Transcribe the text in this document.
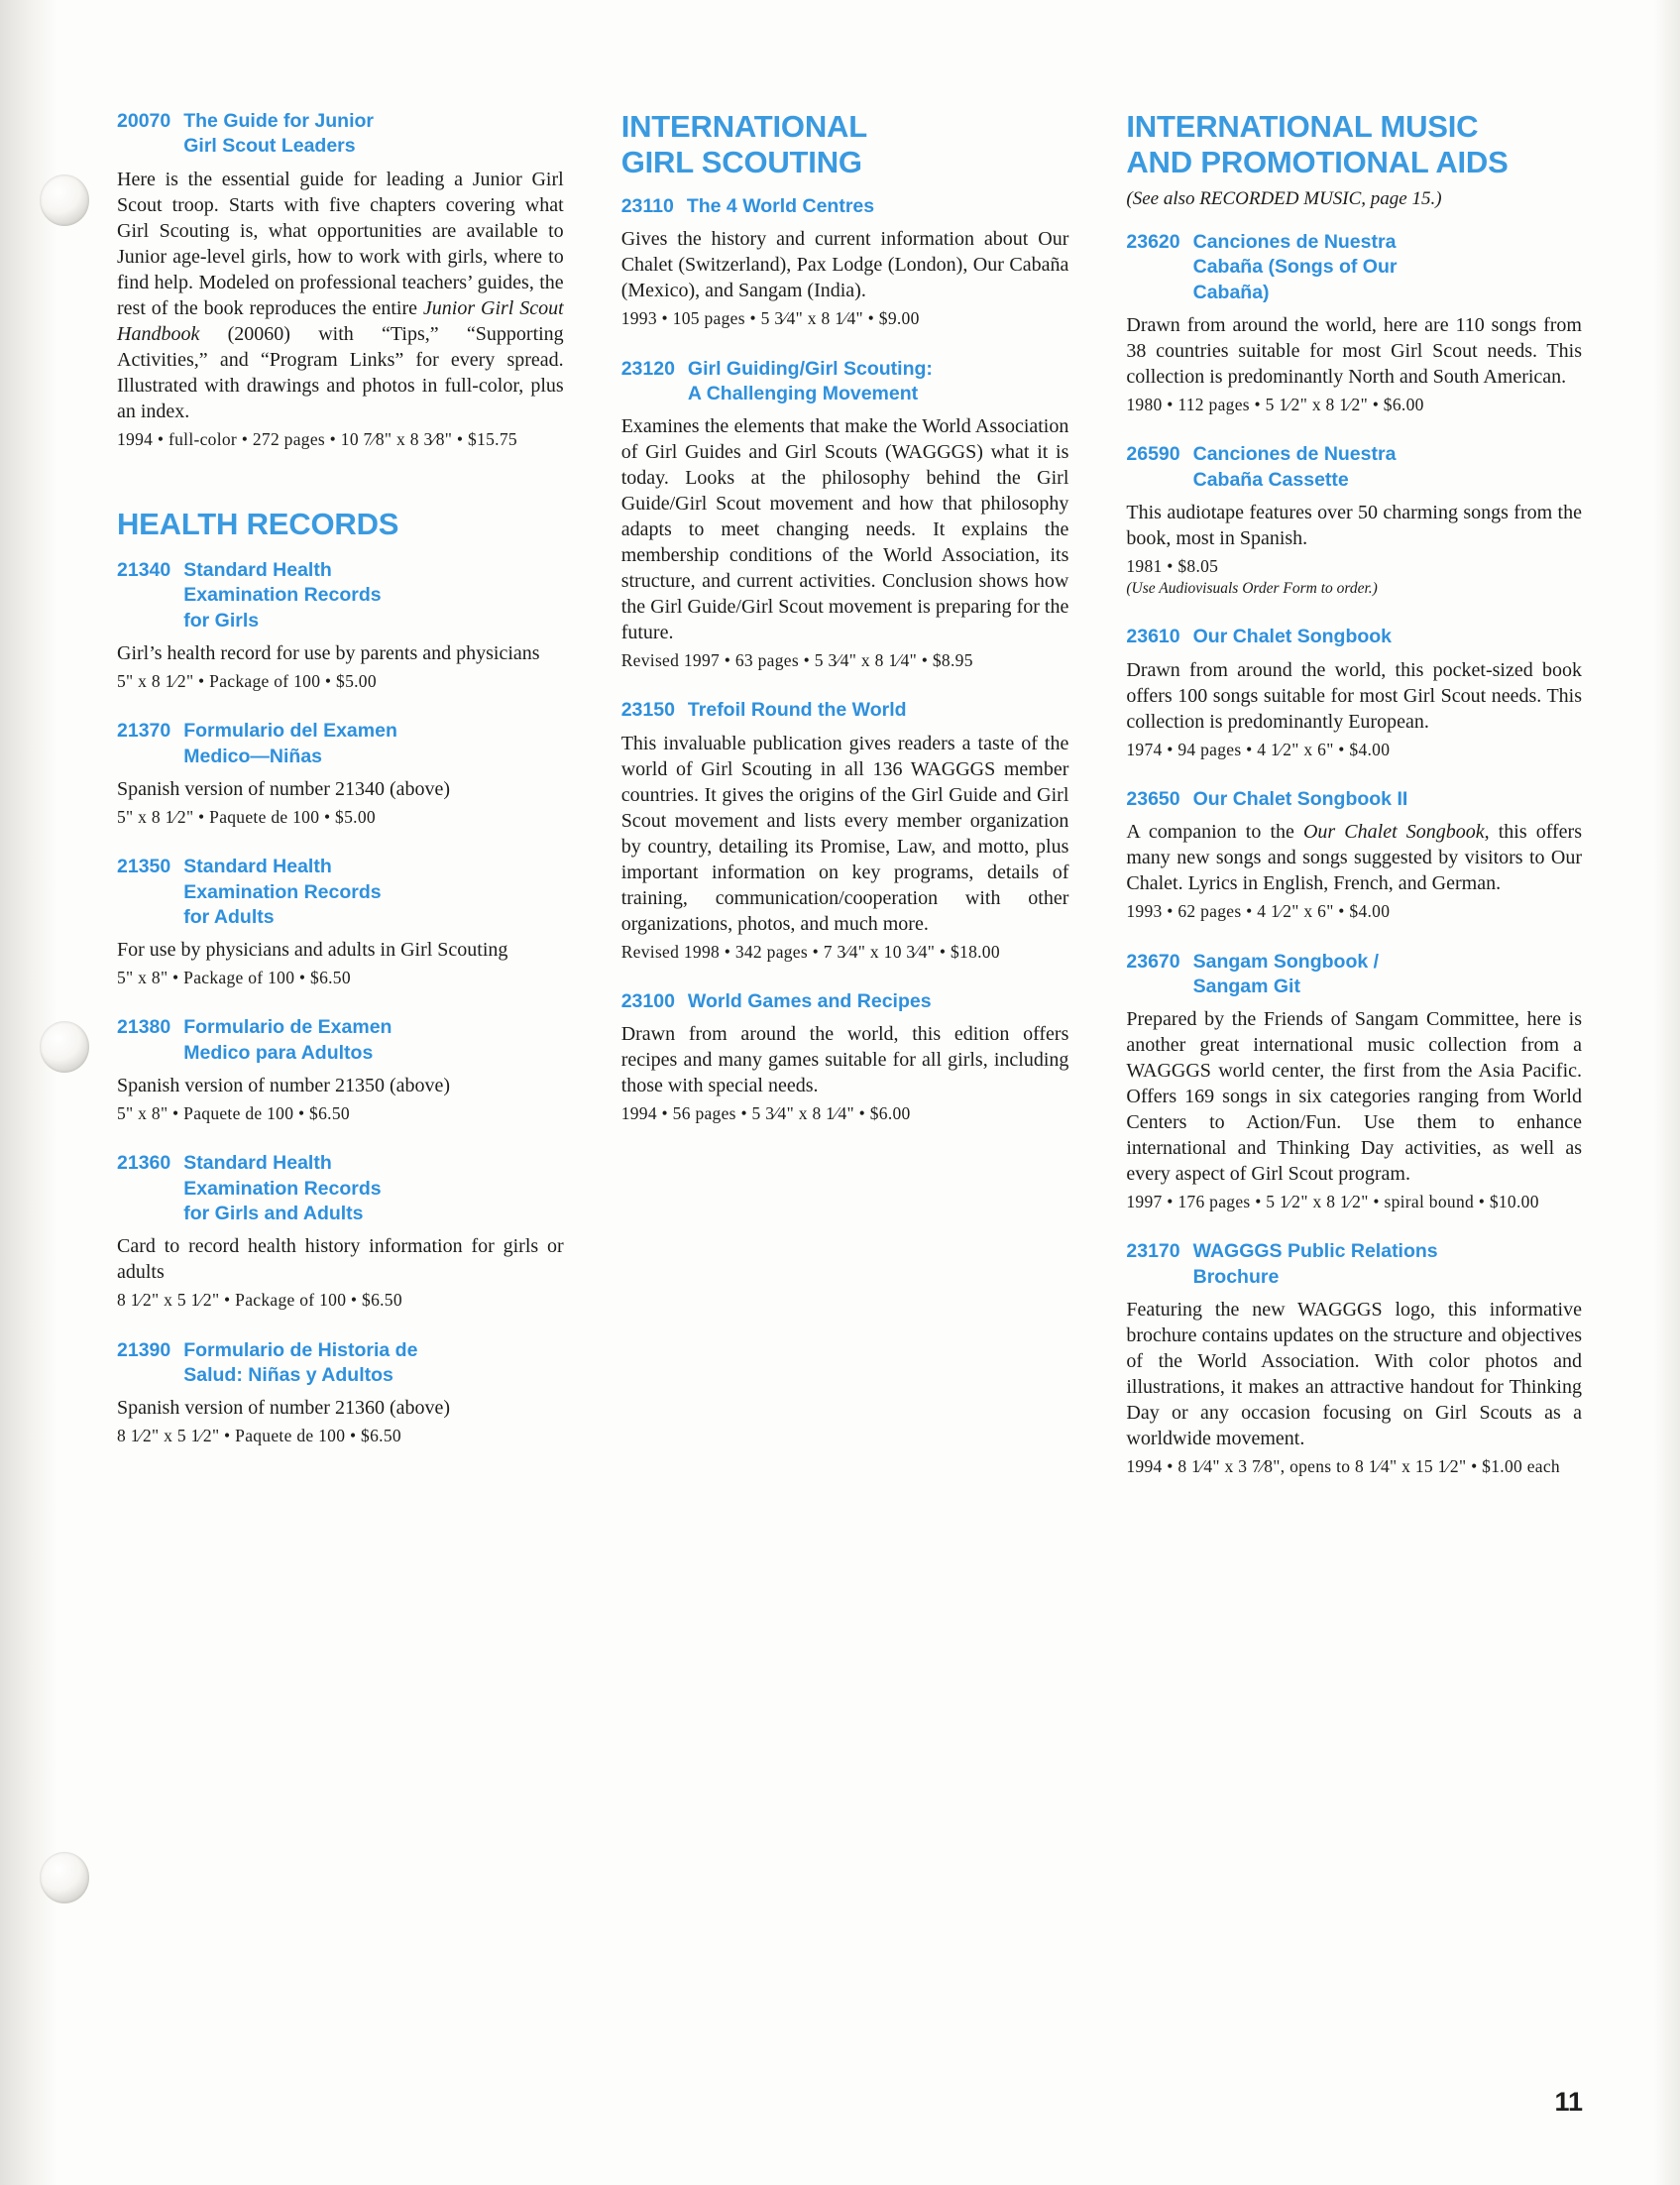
20070 The Guide for Junior
Girl Scout Leaders

Here is the essential guide for leading a Junior Girl Scout troop. Starts with five chapters covering what Girl Scouting is, what opportunities are available to Junior age-level girls, how to work with girls, where to find help. Modeled on professional teachers’ guides, the rest of the book reproduces the entire Junior Girl Scout Handbook (20060) with “Tips,” “Supporting Activities,” and “Program Links” for every spread. Illustrated with drawings and photos in full-color, plus an index.

1994 • full-color • 272 pages • 10 7⁄8" x 8 3⁄8" • $15.75

HEALTH RECORDS
21340 Standard Health
Examination Records
for Girls

Girl’s health record for use by parents and physicians

5" x 8 1⁄2" • Package of 100 • $5.00

21370 Formulario del Examen
Medico—Niñas

Spanish version of number 21340 (above)

5" x 8 1⁄2" • Paquete de 100 • $5.00

21350 Standard Health
Examination Records
for Adults

For use by physicians and adults in Girl Scouting

5" x 8" • Package of 100 • $6.50

21380 Formulario de Examen
Medico para Adultos

Spanish version of number 21350 (above)

5" x 8" • Paquete de 100 • $6.50

21360 Standard Health
Examination Records
for Girls and Adults

Card to record health history information for girls or adults

8 1⁄2" x 5 1⁄2" • Package of 100 • $6.50

21390 Formulario de Historia de
Salud: Niñas y Adultos

Spanish version of number 21360 (above)

8 1⁄2" x 5 1⁄2" • Paquete de 100 • $6.50

INTERNATIONAL
GIRL SCOUTING
23110 The 4 World Centres

Gives the history and current information about Our Chalet (Switzerland), Pax Lodge (London), Our Cabaña (Mexico), and Sangam (India).

1993 • 105 pages • 5 3⁄4" x 8 1⁄4" • $9.00

23120 Girl Guiding/Girl Scouting:
A Challenging Movement

Examines the elements that make the World Association of Girl Guides and Girl Scouts (WAGGGS) what it is today. Looks at the philosophy behind the Girl Guide/Girl Scout movement and how that philosophy adapts to meet changing needs. It explains the membership conditions of the World Association, its structure, and current activities. Conclusion shows how the Girl Guide/Girl Scout movement is preparing for the future.

Revised 1997 • 63 pages • 5 3⁄4" x 8 1⁄4" • $8.95

23150 Trefoil Round the World

This invaluable publication gives readers a taste of the world of Girl Scouting in all 136 WAGGGS member countries. It gives the origins of the Girl Guide and Girl Scout movement and lists every member organization by country, detailing its Promise, Law, and motto, plus important information on key programs, details of training, communication/cooperation with other organizations, photos, and much more.

Revised 1998 • 342 pages • 7 3⁄4" x 10 3⁄4" • $18.00

23100 World Games and Recipes

Drawn from around the world, this edition offers recipes and many games suitable for all girls, including those with special needs.

1994 • 56 pages • 5 3⁄4" x 8 1⁄4" • $6.00

INTERNATIONAL MUSIC
AND PROMOTIONAL AIDS
(See also RECORDED MUSIC, page 15.)
23620 Canciones de Nuestra
Cabaña (Songs of Our
Cabaña)

Drawn from around the world, here are 110 songs from 38 countries suitable for most Girl Scout needs. This collection is predominantly North and South American.

1980 • 112 pages • 5 1⁄2" x 8 1⁄2" • $6.00

26590 Canciones de Nuestra
Cabaña Cassette

This audiotape features over 50 charming songs from the book, most in Spanish.

1981 • $8.05

(Use Audiovisuals Order Form to order.)
23610 Our Chalet Songbook

Drawn from around the world, this pocket-sized book offers 100 songs suitable for most Girl Scout needs. This collection is predominantly European.

1974 • 94 pages • 4 1⁄2" x 6" • $4.00

23650 Our Chalet Songbook II

A companion to the Our Chalet Songbook, this offers many new songs and songs suggested by visitors to Our Chalet. Lyrics in English, French, and German.

1993 • 62 pages • 4 1⁄2" x 6" • $4.00

23670 Sangam Songbook /
Sangam Git

Prepared by the Friends of Sangam Committee, here is another great international music collection from a WAGGGS world center, the first from the Asia Pacific. Offers 169 songs in six categories ranging from World Centers to Action/Fun. Use them to enhance international and Thinking Day activities, as well as every aspect of Girl Scout program.

1997 • 176 pages • 5 1⁄2" x 8 1⁄2" • spiral bound • $10.00

23170 WAGGGS Public Relations
Brochure

Featuring the new WAGGGS logo, this informative brochure contains updates on the structure and objectives of the World Association. With color photos and illustrations, it makes an attractive handout for Thinking Day or any occasion focusing on Girl Scouts as a worldwide movement.

1994 • 8 1⁄4" x 3 7⁄8", opens to 8 1⁄4" x 15 1⁄2" • $1.00 each

11
